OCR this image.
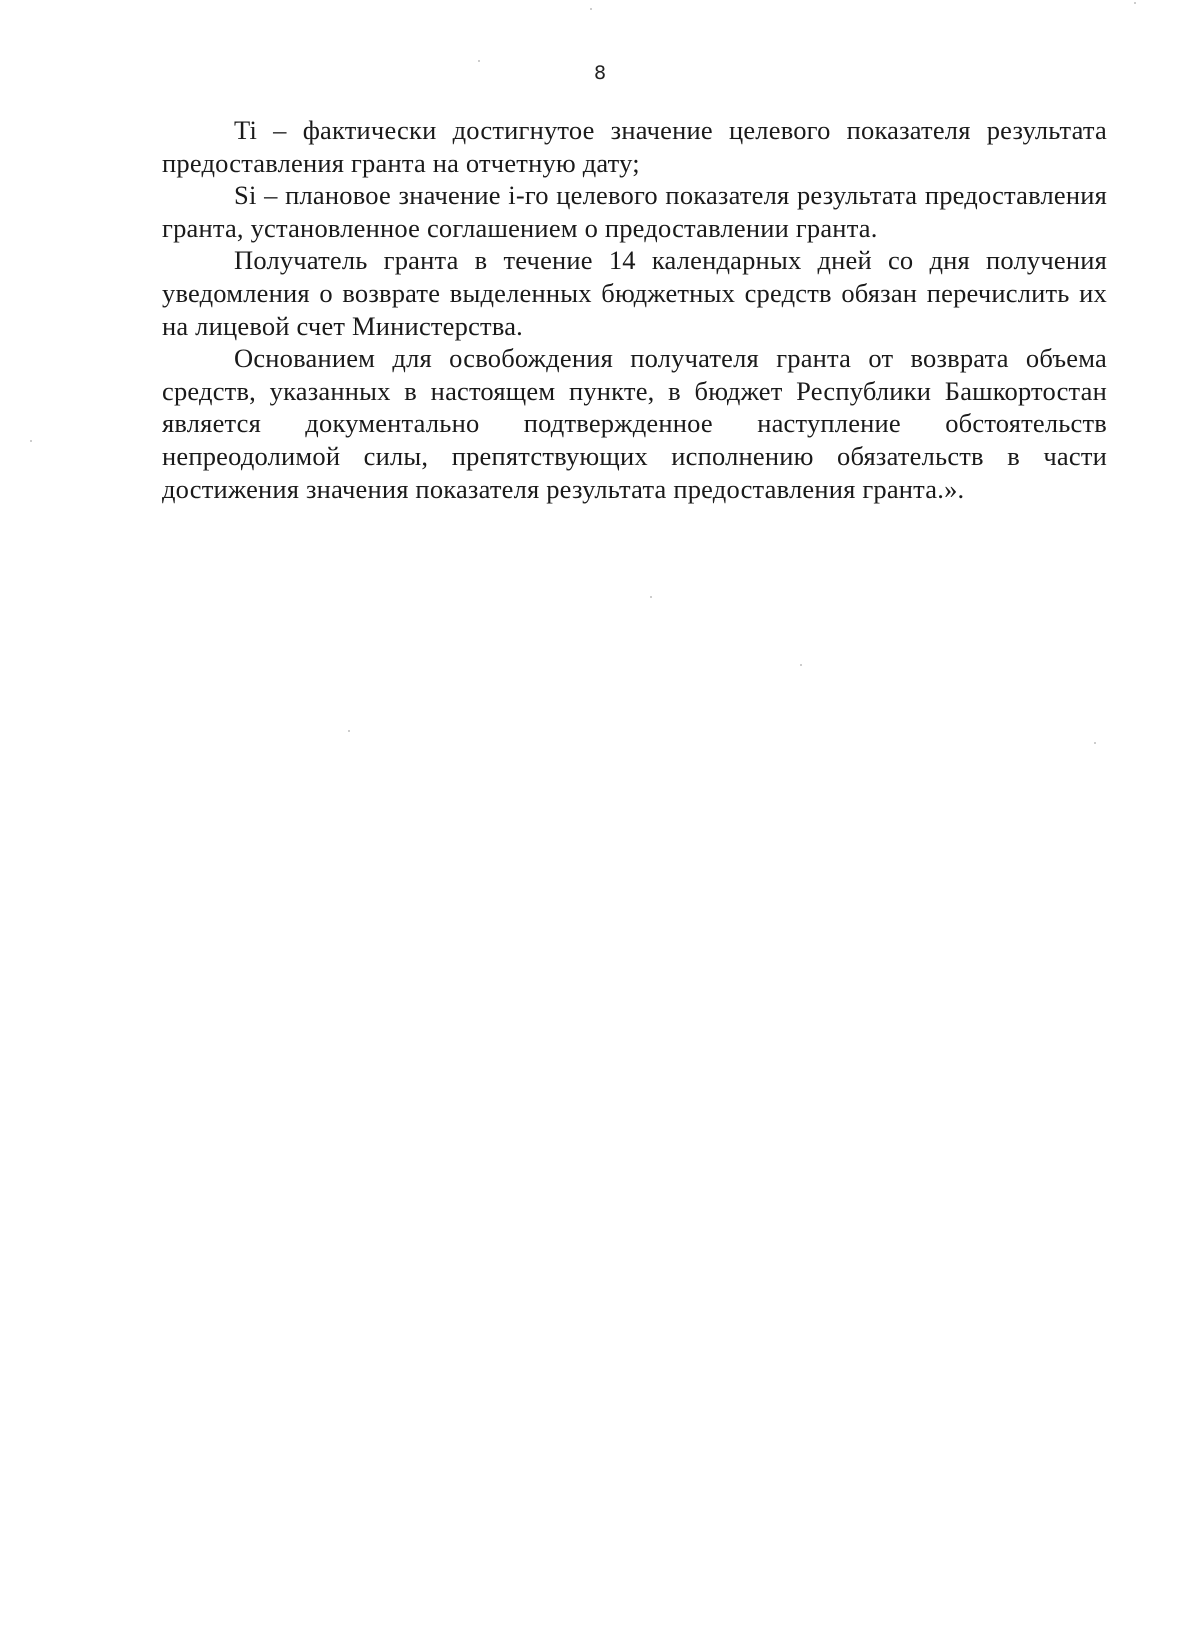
8

Ti – фактически достигнутое значение целевого показателя результата предоставления гранта на отчетную дату;

Si – плановое значение i-го целевого показателя результата предоставления гранта, установленное соглашением о предоставлении гранта.

Получатель гранта в течение 14 календарных дней со дня получения уведомления о возврате выделенных бюджетных средств обязан перечислить их на лицевой счет Министерства.

Основанием для освобождения получателя гранта от возврата объема средств, указанных в настоящем пункте, в бюджет Республики Башкортостан является документально подтвержденное наступление обстоятельств непреодолимой силы, препятствующих исполнению обязательств в части достижения значения показателя результата предоставления гранта.».
